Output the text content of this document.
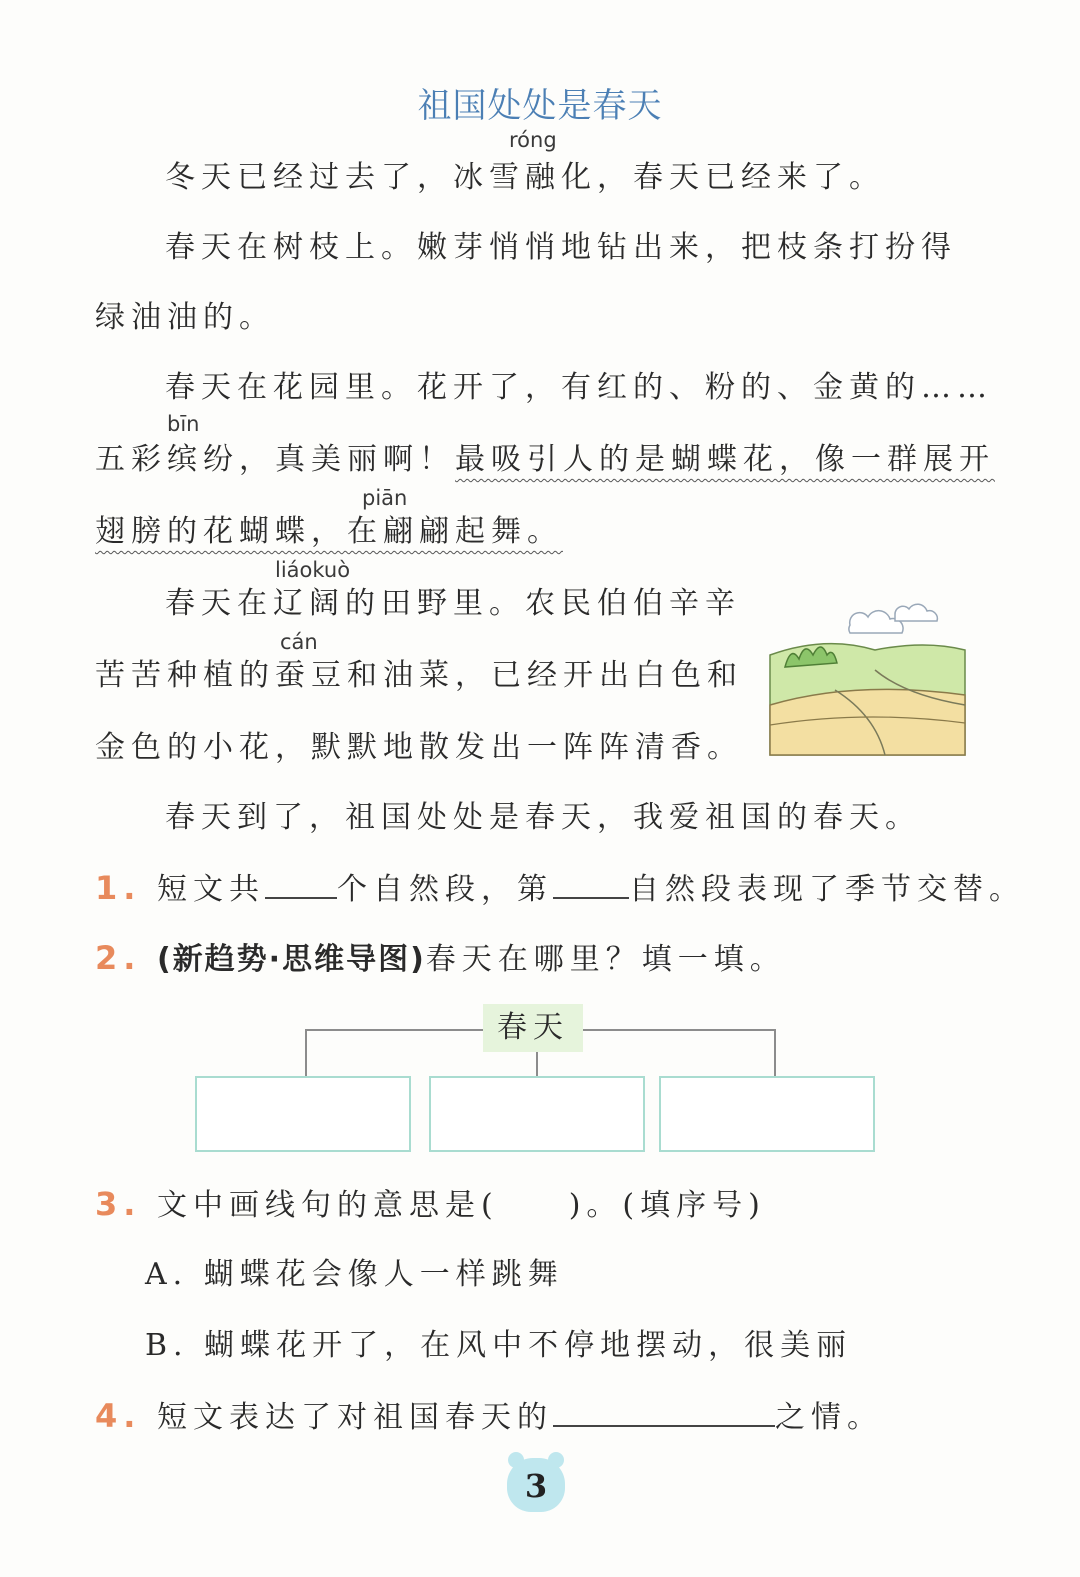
祖国处处是春天
róng
冬天已经过去了，冰雪融化，春天已经来了。
春天在树枝上。嫩芽悄悄地钻出来，把枝条打扮得
绿油油的。
春天在花园里。花开了，有红的、粉的、金黄的……
bīn
五彩缤纷，真美丽啊！最吸引人的是蝴蝶花，像一群展开
piān
翅膀的花蝴蝶，在翩翩起舞。
liáokuò
春天在辽阔的田野里。农民伯伯辛辛
cán
苦苦种植的蚕豆和油菜，已经开出白色和
金色的小花，默默地散发出一阵阵清香。
春天到了，祖国处处是春天，我爱祖国的春天。
1. 短文共 个自然段，第	自然段表现了季节交替。
2. (新趋势·思维导图)春天在哪里？填一填。
春天
3. 文中画线句的意思是( )。(填序号)
A. 蝴蝶花会像人一样跳舞
B. 蝴蝶花开了，在风中不停地摆动，很美丽
4. 短文表达了对祖国春天的	之情。
3
